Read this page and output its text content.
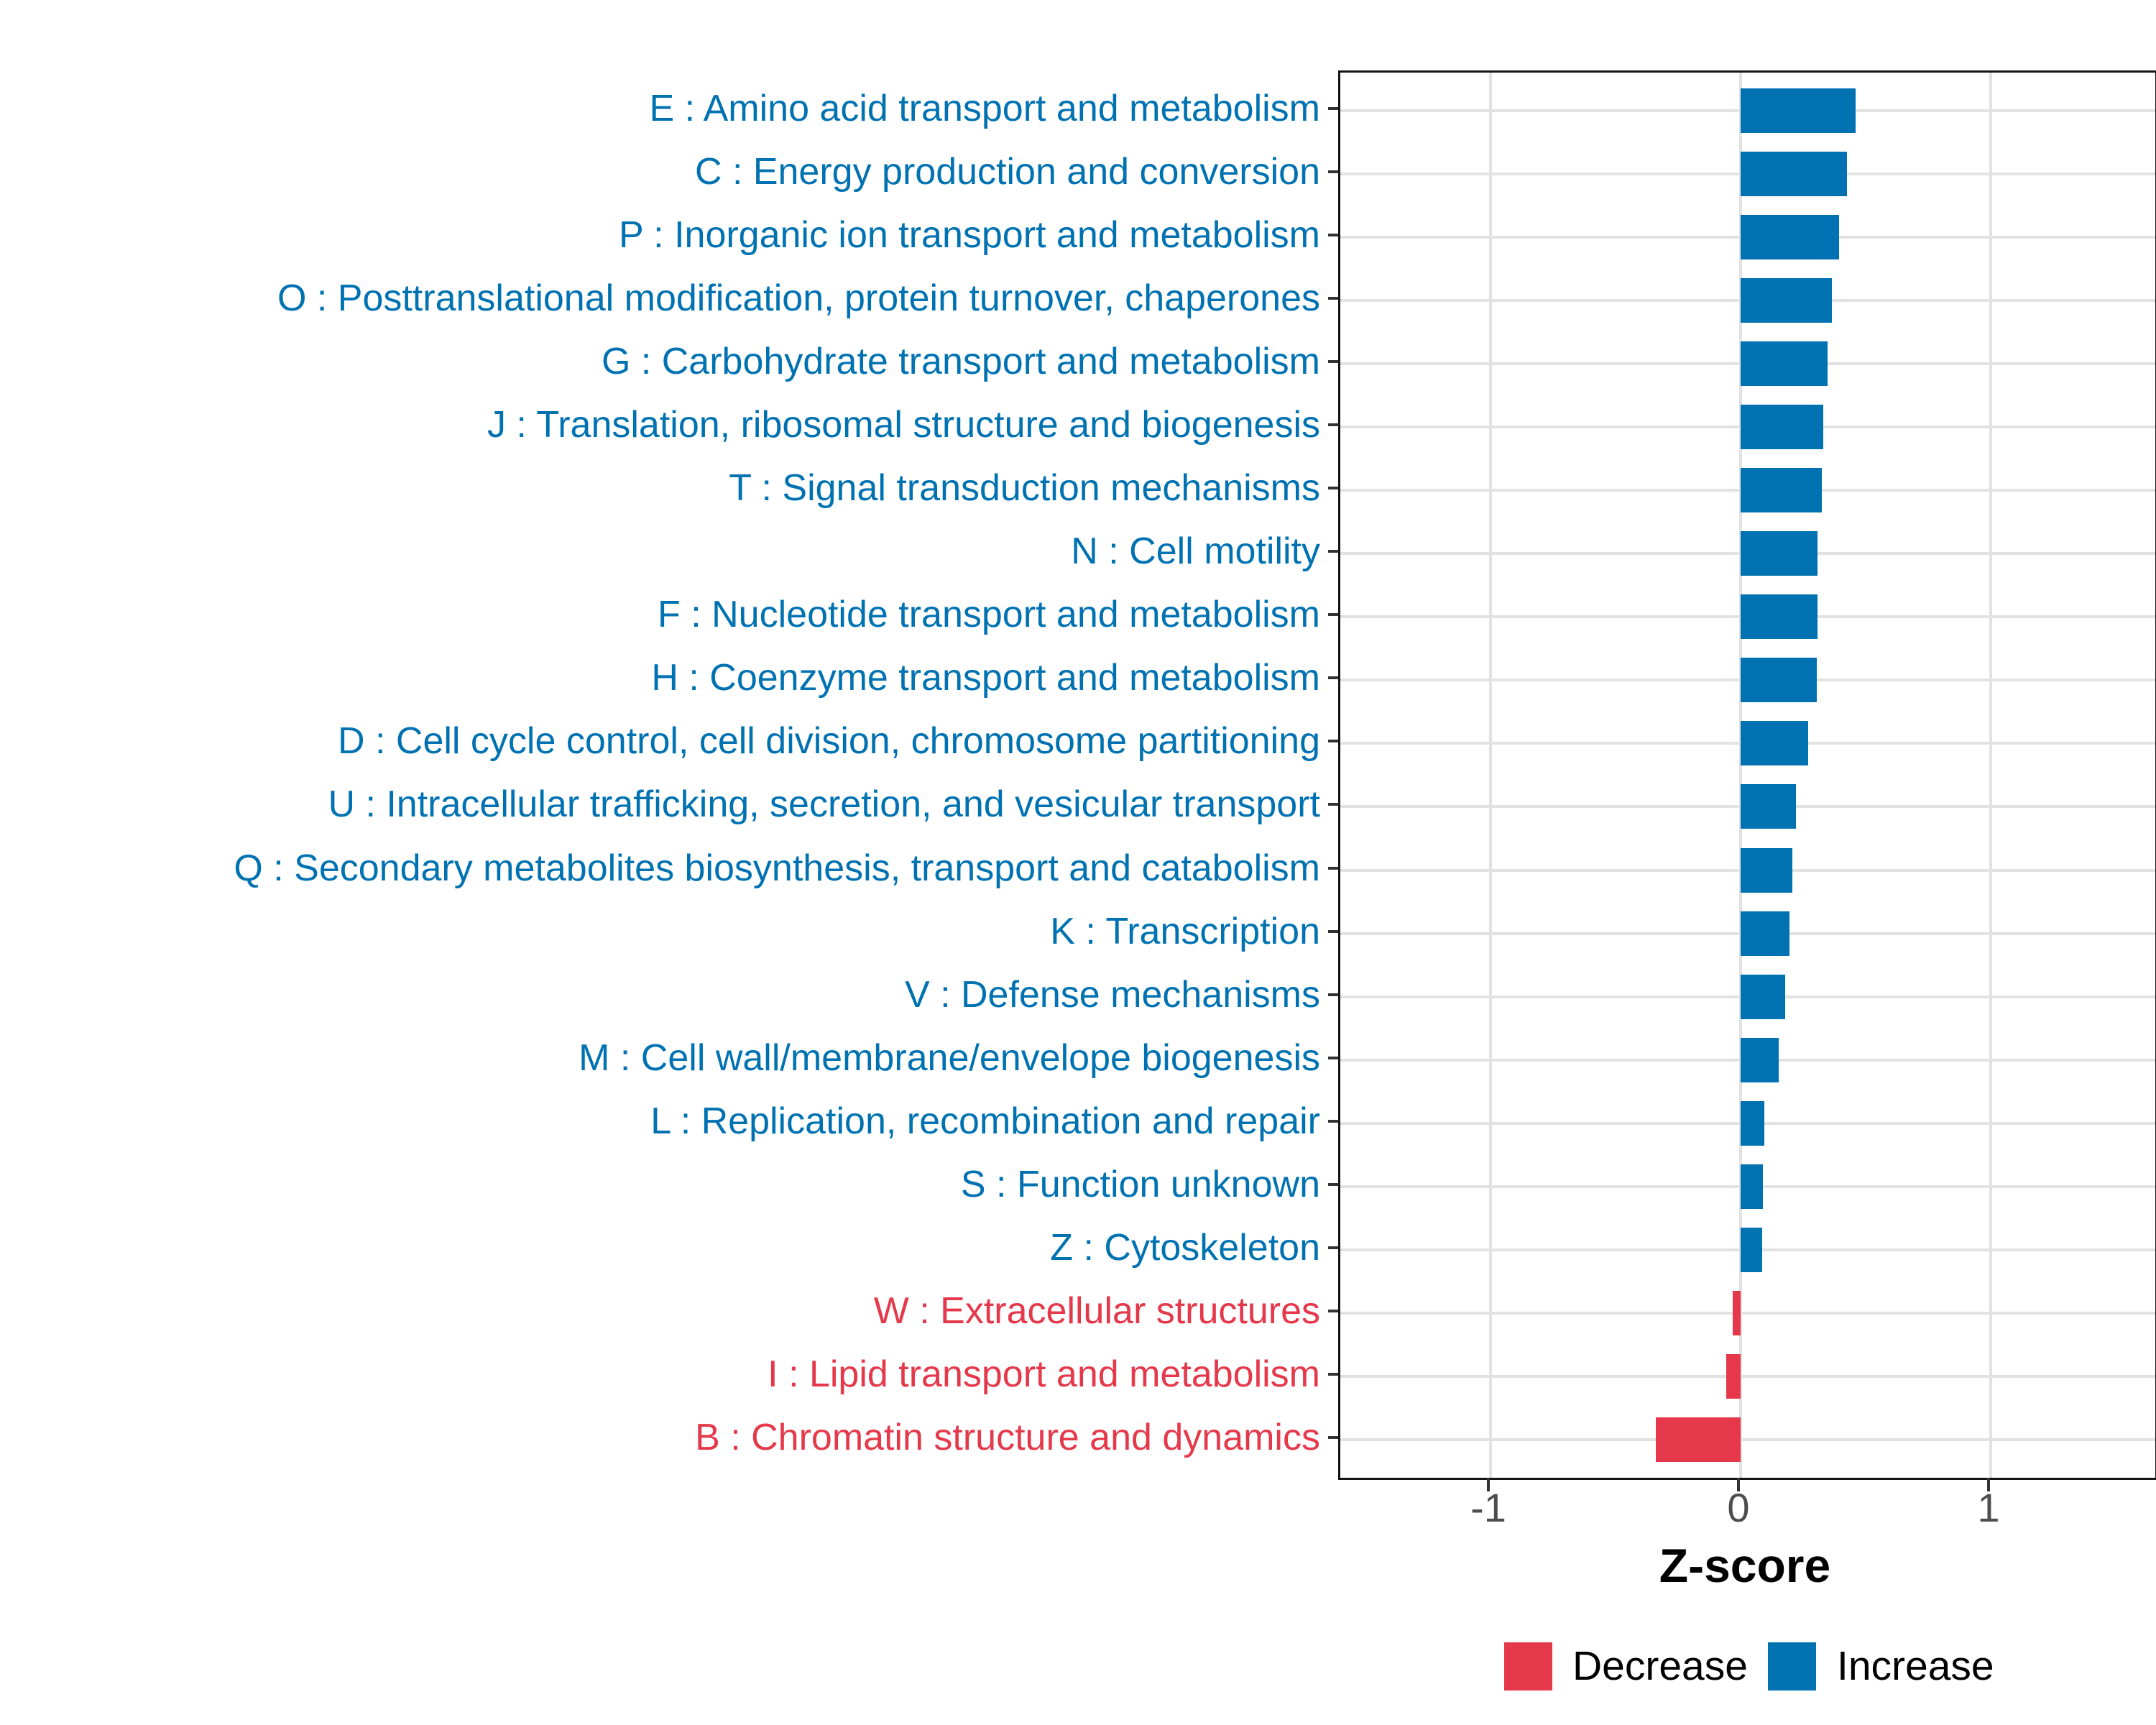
E : Amino acid transport and metabolism
C : Energy production and conversion
P : Inorganic ion transport and metabolism
O : Posttranslational modification, protein turnover, chaperones
G : Carbohydrate transport and metabolism
J : Translation, ribosomal structure and biogenesis
T : Signal transduction mechanisms
N : Cell motility
F : Nucleotide transport and metabolism
H : Coenzyme transport and metabolism
D : Cell cycle control, cell division, chromosome partitioning
U : Intracellular trafficking, secretion, and vesicular transport
Q : Secondary metabolites biosynthesis, transport and catabolism
K : Transcription
V : Defense mechanisms
M : Cell wall/membrane/envelope biogenesis
L : Replication, recombination and repair
S : Function unknown
Z : Cytoskeleton
W : Extracellular structures
I : Lipid transport and metabolism
B : Chromatin structure and dynamics
-1	0	1
Z-score
Decrease Increase
